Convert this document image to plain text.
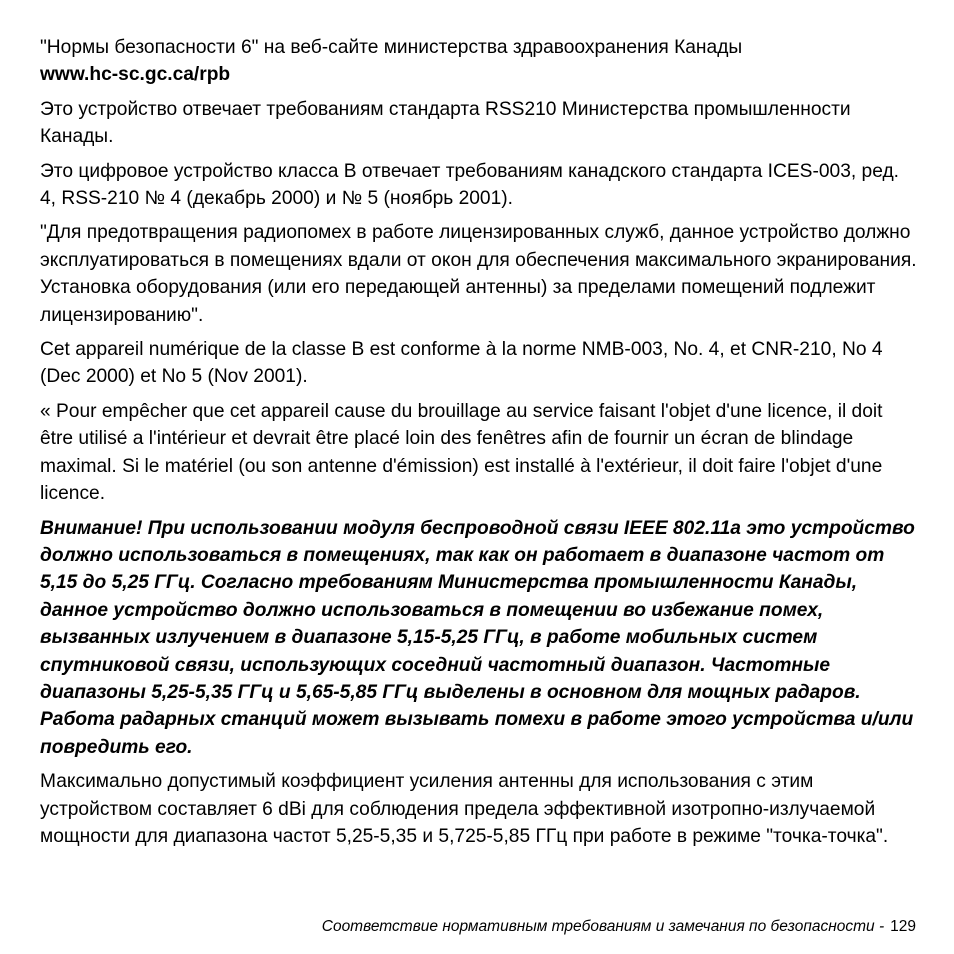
"Нормы безопасности 6" на веб-сайте министерства здравоохранения Канады
www.hc-sc.gc.ca/rpb

Это устройство отвечает требованиям стандарта RSS210 Министерства промышленности Канады.

Это цифровое устройство класса B отвечает требованиям канадского стандарта ICES-003, ред. 4, RSS-210 № 4 (декабрь 2000) и № 5 (ноябрь 2001).

"Для предотвращения радиопомех в работе лицензированных служб, данное устройство должно эксплуатироваться в помещениях вдали от окон для обеспечения максимального экранирования. Установка оборудования (или его передающей антенны) за пределами помещений подлежит лицензированию".

Cet appareil numérique de la classe B est conforme à la norme NMB-003, No. 4, et CNR-210, No 4 (Dec 2000) et No 5 (Nov 2001).

« Pour empêcher que cet appareil cause du brouillage au service faisant l'objet d'une licence, il doit être utilisé a l'intérieur et devrait être placé loin des fenêtres afin de fournir un écran de blindage maximal. Si le matériel (ou son antenne d'émission) est installé à l'extérieur, il doit faire l'objet d'une licence.

Внимание! При использовании модуля беспроводной связи IEEE 802.11a это устройство должно использоваться в помещениях, так как он работает в диапазоне частот от 5,15 до 5,25 ГГц. Согласно требованиям Министерства промышленности Канады, данное устройство должно использоваться в помещении во избежание помех, вызванных излучением в диапазоне 5,15-5,25 ГГц, в работе мобильных систем спутниковой связи, использующих соседний частотный диапазон. Частотные диапазоны 5,25-5,35 ГГц и 5,65-5,85 ГГц выделены в основном для мощных радаров. Работа радарных станций может вызывать помехи в работе этого устройства и/или повредить его.

Максимально допустимый коэффициент усиления антенны для использования с этим устройством составляет 6 dBi для соблюдения предела эффективной изотропно-излучаемой мощности для диапазона частот 5,25-5,35 и 5,725-5,85 ГГц при работе в режиме "точка-точка".

Соответствие нормативным требованиям и замечания по безопасности - 129
